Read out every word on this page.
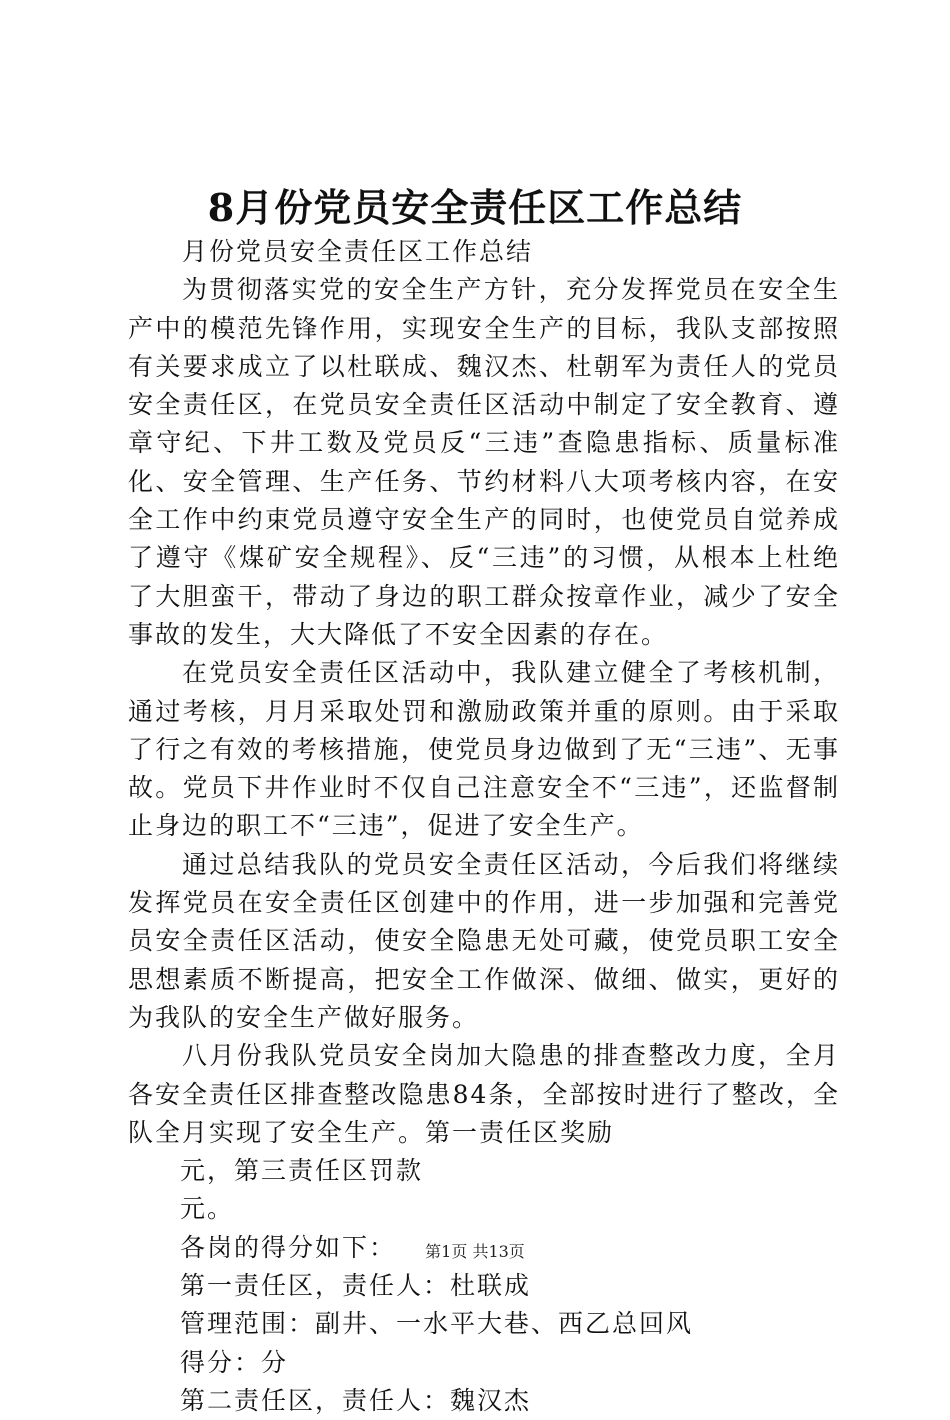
8月份党员安全责任区工作总结

月份党员安全责任区工作总结

为贯彻落实党的安全生产方针，充分发挥党员在安全生产中的模范先锋作用，实现安全生产的目标，我队支部按照有关要求成立了以杜联成、魏汉杰、杜朝军为责任人的党员安全责任区，在党员安全责任区活动中制定了安全教育、遵章守纪、下井工数及党员反“三违”查隐患指标、质量标准化、安全管理、生产任务、节约材料八大项考核内容，在安全工作中约束党员遵守安全生产的同时，也使党员自觉养成了遵守《煤矿安全规程》、反“三违”的习惯，从根本上杜绝了大胆蛮干，带动了身边的职工群众按章作业，减少了安全事故的发生，大大降低了不安全因素的存在。

在党员安全责任区活动中，我队建立健全了考核机制，通过考核，月月采取处罚和激励政策并重的原则。由于采取了行之有效的考核措施，使党员身边做到了无“三违”、无事故。党员下井作业时不仅自己注意安全不“三违”，还监督制止身边的职工不“三违”，促进了安全生产。

通过总结我队的党员安全责任区活动，今后我们将继续发挥党员在安全责任区创建中的作用，进一步加强和完善党员安全责任区活动，使安全隐患无处可藏，使党员职工安全思想素质不断提高，把安全工作做深、做细、做实，更好的为我队的安全生产做好服务。

八月份我队党员安全岗加大隐患的排查整改力度，全月各安全责任区排查整改隐患84条，全部按时进行了整改，全队全月实现了安全生产。第一责任区奖励

元，第三责任区罚款

元。

各岗的得分如下：

第一责任区，责任人：杜联成

管理范围：副井、一水平大巷、西乙总回风

得分：分

第二责任区，责任人：魏汉杰

第1页 共13页
